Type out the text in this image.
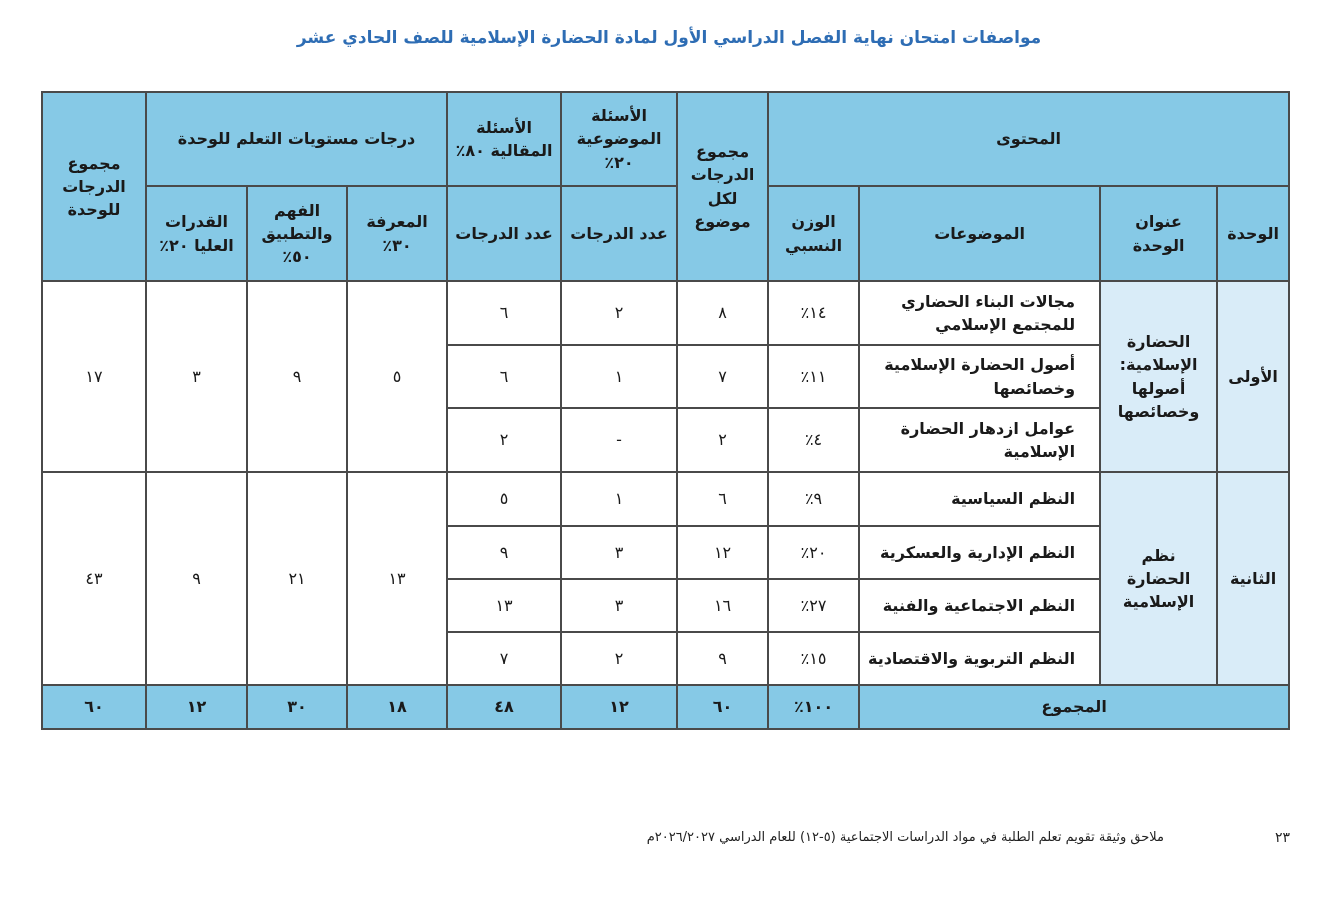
مواصفات امتحان نهاية الفصل الدراسي الأول لمادة الحضارة الإسلامية للصف الحادي عشر
المحتوى				مجموع الدرجات لكل موضوع	الأسئلة الموضوعية ٢٠٪	الأسئلة المقالية ٨٠٪	درجات مستويات التعلم للوحدة			مجموع الدرجات للوحدة
الوحدة	عنوان الوحدة	الموضوعات	الوزن النسبي		عدد الدرجات	عدد الدرجات	المعرفة ٣٠٪	الفهم والتطبيق ٥٠٪	القدرات العليا ٢٠٪	
الأولى	الحضارة الإسلامية: أصولها وخصائصها	مجالات البناء الحضاري للمجتمع الإسلامي	١٤٪	٨	٢	٦	٥	٩	٣	١٧
		أصول الحضارة الإسلامية وخصائصها	١١٪	٧	١	٦				
		عوامل ازدهار الحضارة الإسلامية	٤٪	٢	-	٢				
الثانية	نظم الحضارة الإسلامية	النظم السياسية	٩٪	٦	١	٥	١٣	٢١	٩	٤٣
		النظم الإدارية والعسكرية	٢٠٪	١٢	٣	٩				
		النظم الاجتماعية والفنية	٢٧٪	١٦	٣	١٣				
		النظم التربوية والاقتصادية	١٥٪	٩	٢	٧				
المجموع			١٠٠٪	٦٠	١٢	٤٨	١٨	٣٠	١٢	٦٠
ملاحق وثيقة تقويم تعلم الطلبة في مواد الدراسات الاجتماعية (٥-١٢) للعام الدراسي ٢٠٢٦/٢٠٢٧م	٢٣
